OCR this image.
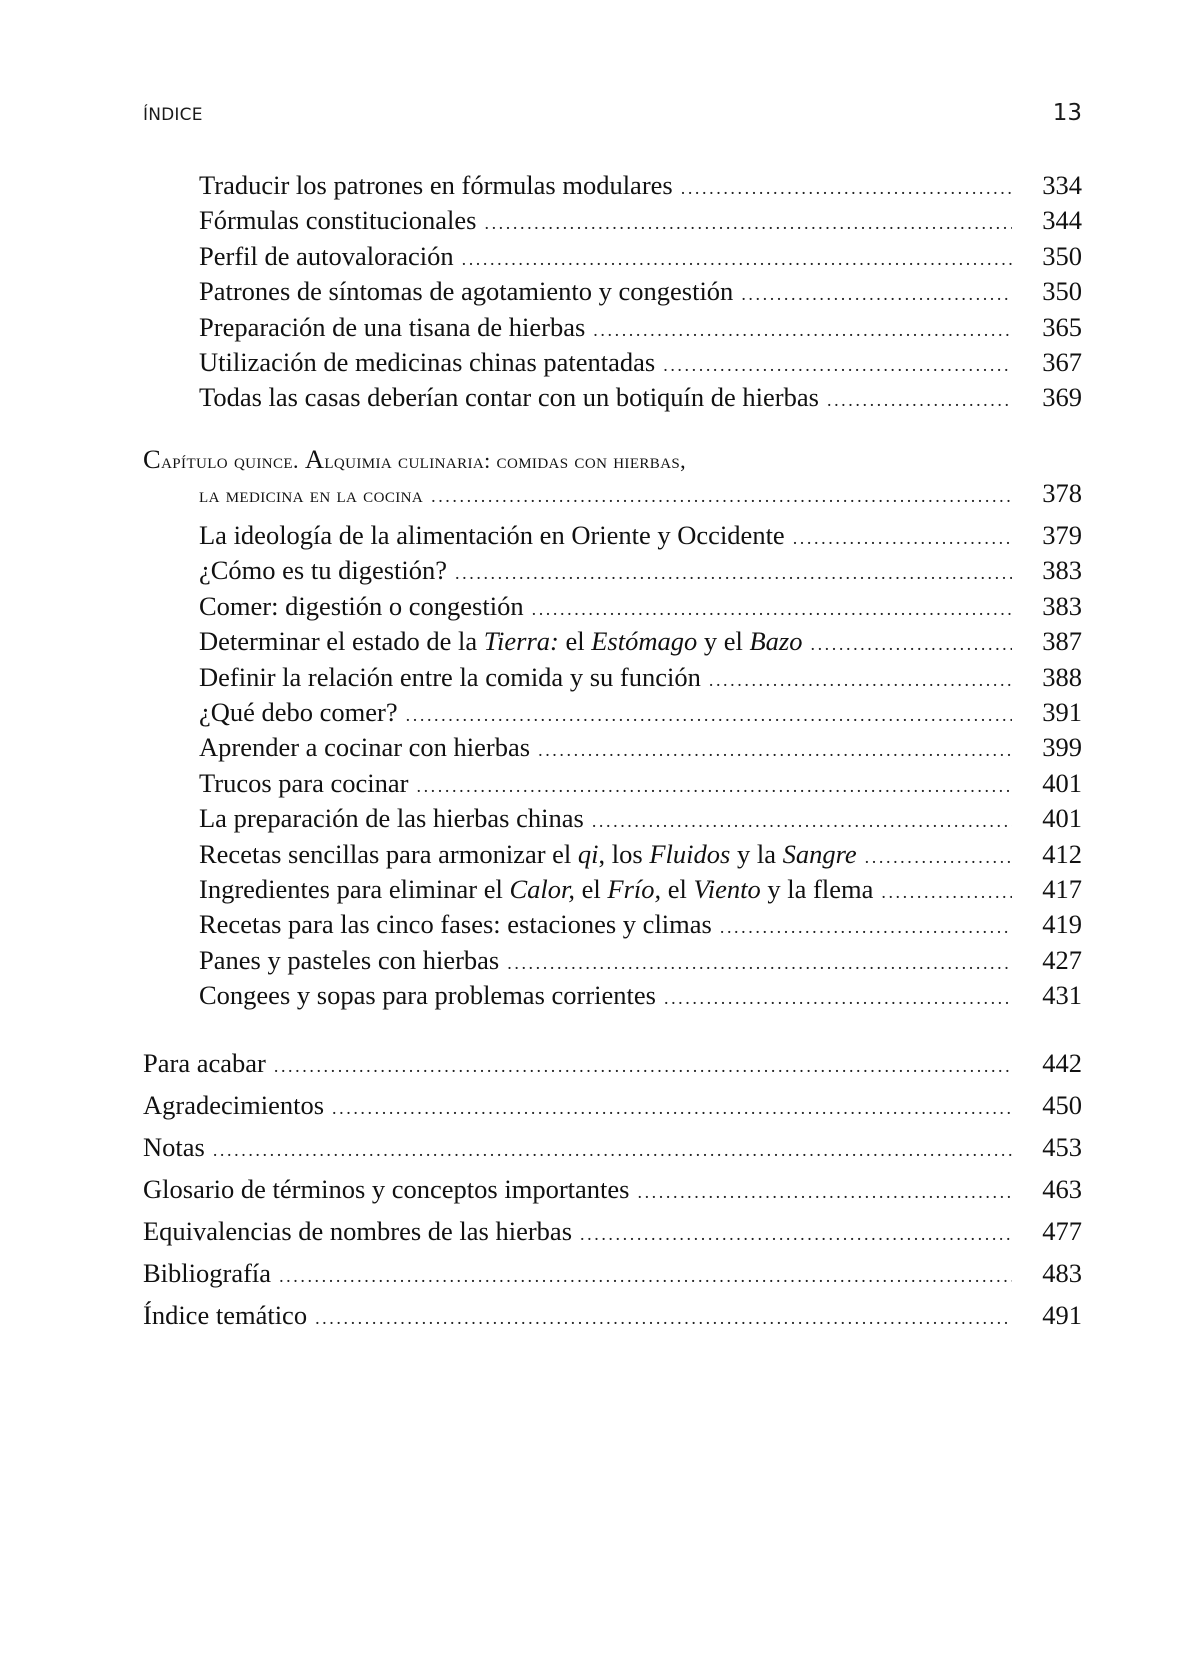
ÍNDICE	13
Traducir los patrones en fórmulas modulares .....	334
Fórmulas constitucionales .....	344
Perfil de autovaloración .....	350
Patrones de síntomas de agotamiento y congestión .....	350
Preparación de una tisana de hierbas .....	365
Utilización de medicinas chinas patentadas .....	367
Todas las casas deberían contar con un botiquín de hierbas .....	369
Capítulo quince. Alquimia culinaria: comidas con hierbas,
la medicina en la cocina .....	378
La ideología de la alimentación en Oriente y Occidente .....	379
¿Cómo es tu digestión? .....	383
Comer: digestión o congestión .....	383
Determinar el estado de la Tierra: el Estómago y el Bazo .....	387
Definir la relación entre la comida y su función .....	388
¿Qué debo comer? .....	391
Aprender a cocinar con hierbas .....	399
Trucos para cocinar .....	401
La preparación de las hierbas chinas .....	401
Recetas sencillas para armonizar el qi, los Fluidos y la Sangre .....	412
Ingredientes para eliminar el Calor, el Frío, el Viento y la flema .....	417
Recetas para las cinco fases: estaciones y climas .....	419
Panes y pasteles con hierbas .....	427
Congees y sopas para problemas corrientes .....	431
Para acabar .....	442
Agradecimientos .....	450
Notas .....	453
Glosario de términos y conceptos importantes .....	463
Equivalencias de nombres de las hierbas .....	477
Bibliografía .....	483
Índice temático .....	491
